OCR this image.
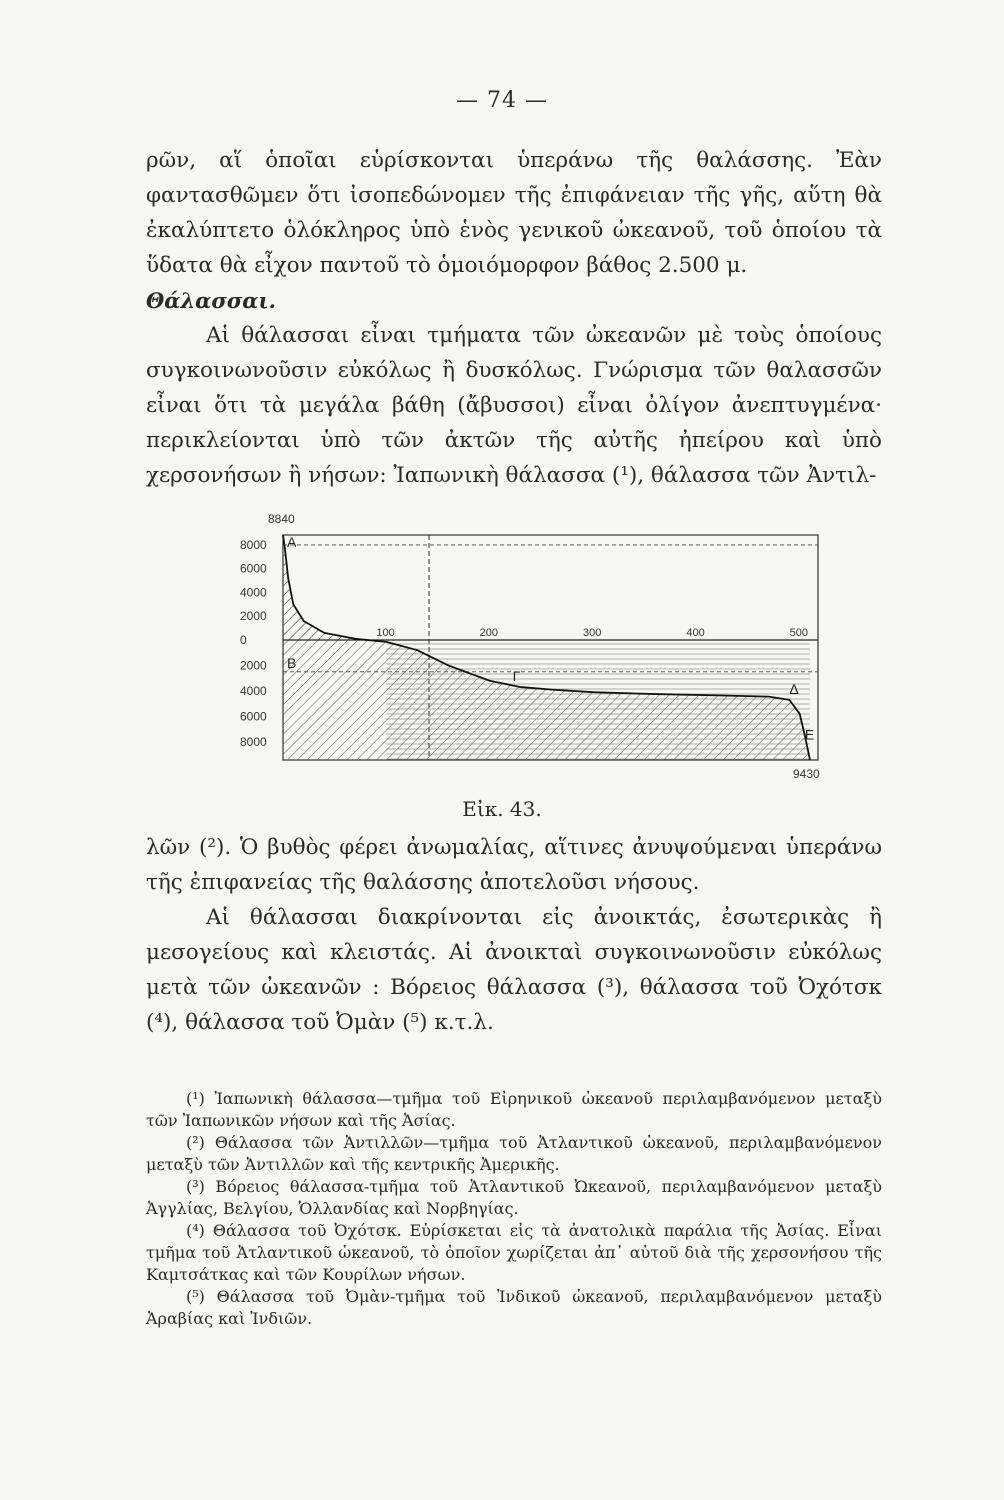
— 74 —

ρῶν, αἵ ὁποῖαι εὑρίσκονται ὑπεράνω τῆς θαλάσσης. Ἐὰν φαντασθῶμεν ὅτι ἰσοπεδώνομεν τῆς ἐπιφάνειαν τῆς γῆς, αὕτη θὰ ἐκαλύπτετο ὁλόκληρος ὑπὸ ἑνὸς γενικοῦ ὠκεανοῦ, τοῦ ὁποίου τὰ ὕδατα θὰ εἶχον παντοῦ τὸ ὁμοιόμορφον βάθος 2.500 μ.

Θάλασσαι.

Αἱ θάλασσαι εἶναι τμήματα τῶν ὠκεανῶν μὲ τοὺς ὁποίους συγκοινωνοῦσιν εὐκόλως ἢ δυσκόλως. Γνώρισμα τῶν θαλασσῶν εἶναι ὅτι τὰ μεγάλα βάθη (ἄβυσσοι) εἶναι ὀλίγον ἀνεπτυγμένα· περικλείονται ὑπὸ τῶν ἀκτῶν τῆς αὐτῆς ἠπείρου καὶ ὑπὸ χερσονήσων ἢ νήσων: Ἰαπωνικὴ θάλασσα (¹), θάλασσα τῶν Ἀντιλ-

8000
6000
4000
2000
0
2000
4000
6000
8000
100	200	300	400	500
Α
Β
Γ
Δ
Ε
8840
9430
Εἰκ. 43.

λῶν (²). Ὁ βυθὸς φέρει ἀνωμαλίας, αἵτινες ἀνυψούμεναι ὑπεράνω τῆς ἐπιφανείας τῆς θαλάσσης ἀποτελοῦσι νήσους.

Αἱ θάλασσαι διακρίνονται εἰς ἀνοικτάς, ἐσωτερικὰς ἢ μεσογείους καὶ κλειστάς. Αἱ ἀνοικταὶ συγκοινωνοῦσιν εὐκόλως μετὰ τῶν ὠκεανῶν : Βόρειος θάλασσα (³), θάλασσα τοῦ Ὀχότσκ (⁴), θάλασσα τοῦ Ὀμὰν (⁵) κ.τ.λ.

(¹) Ἰαπωνικὴ θάλασσα—τμῆμα τοῦ Εἰρηνικοῦ ὠκεανοῦ περιλαμβανόμενον μεταξὺ τῶν Ἰαπωνικῶν νήσων καὶ τῆς Ἀσίας.

(²) Θάλασσα τῶν Ἀντιλλῶν—τμῆμα τοῦ Ἀτλαντικοῦ ὠκεανοῦ, περιλαμβανόμενον μεταξὺ τῶν Ἀντιλλῶν καὶ τῆς κεντρικῆς Ἀμερικῆς.

(³) Βόρειος θάλασσα-τμῆμα τοῦ Ἀτλαντικοῦ Ὠκεανοῦ, περιλαμβανόμενον μεταξὺ Ἀγγλίας, Βελγίου, Ὁλλανδίας καὶ Νορβηγίας.

(⁴) Θάλασσα τοῦ Ὀχότσκ. Εὑρίσκεται εἰς τὰ ἀνατολικὰ παράλια τῆς Ἀσίας. Εἶναι τμῆμα τοῦ Ἀτλαντικοῦ ὠκεανοῦ, τὸ ὁποῖον χωρίζεται ἀπ᾽ αὐτοῦ διὰ τῆς χερσονήσου τῆς Καμτσάτκας καὶ τῶν Κουρίλων νήσων.

(⁵) Θάλασσα τοῦ Ὀμὰν-τμῆμα τοῦ Ἰνδικοῦ ὠκεανοῦ, περιλαμβανόμενον μεταξὺ Ἀραβίας καὶ Ἰνδιῶν.
